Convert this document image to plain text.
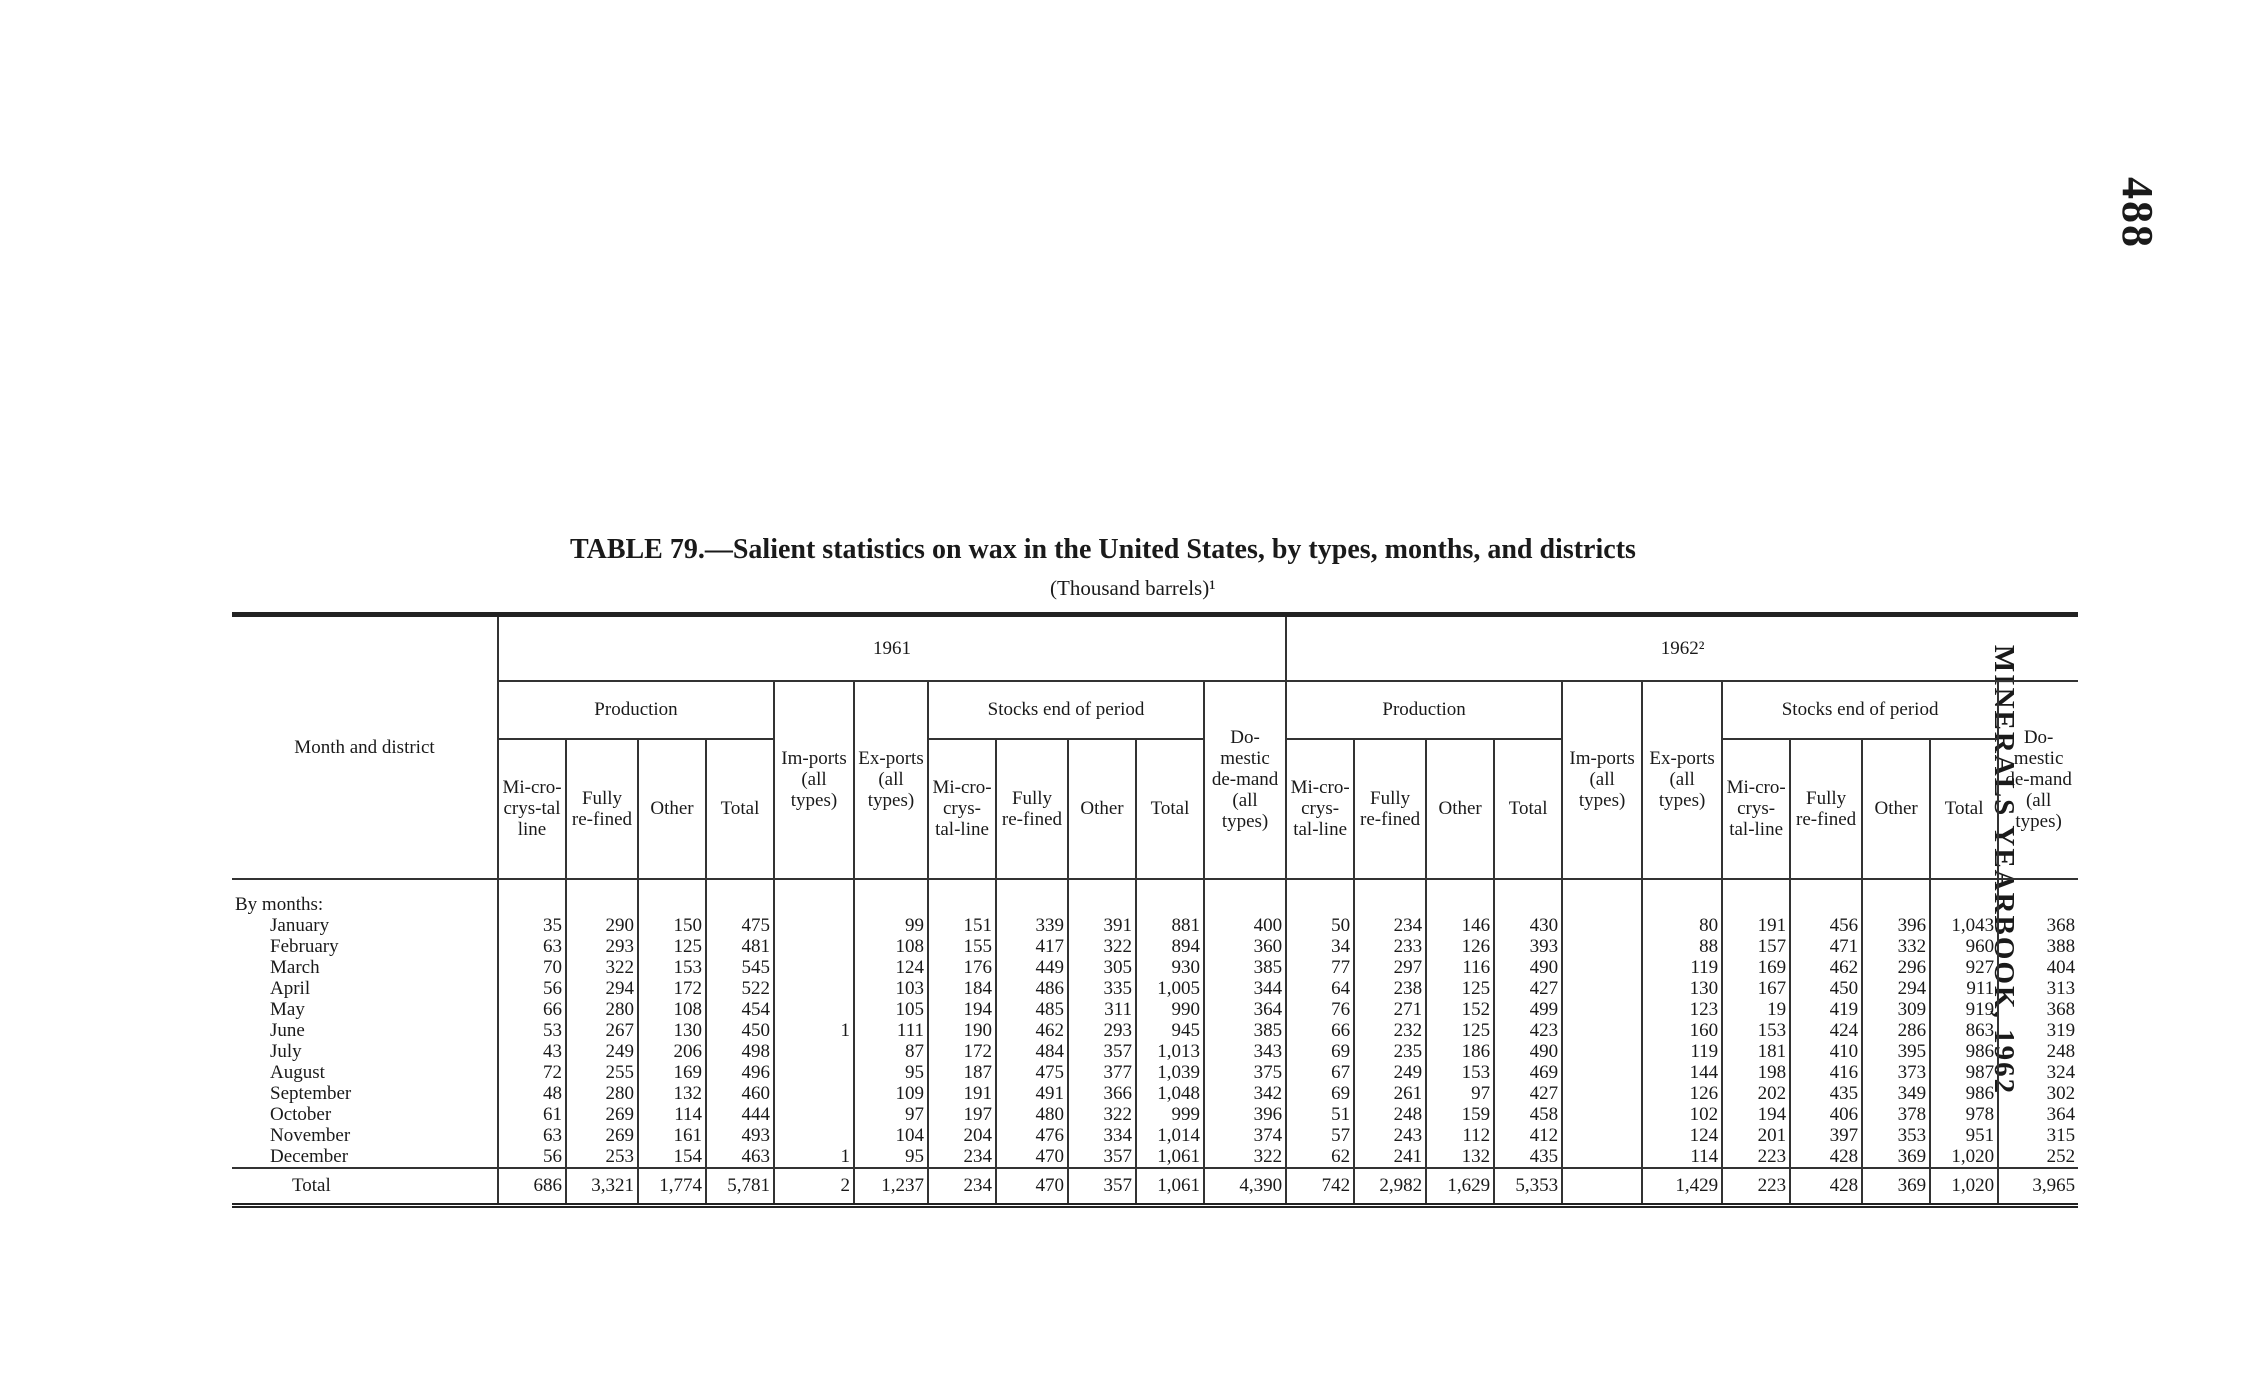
488
MINERALS YEARBOOK, 1962
TABLE 79.—Salient statistics on wax in the United States, by types, months, and districts
(Thousand barrels)¹
Month and district	1961											1962²										
	Production				Im-ports (all types)	Ex-ports (all types)	Stocks end of period				Do-mestic de-mand (all types)	Production				Im-ports (all types)	Ex-ports (all types)	Stocks end of period				Do-mestic de-mand (all types)
	Mi-cro-crys-tal line	Fully re-fined	Other	Total			Mi-cro-crys-tal-line	Fully re-fined	Other	Total		Mi-cro-crys-tal-line	Fully re-fined	Other	Total			Mi-cro-crys-tal-line	Fully re-fined	Other	Total	
By months:																						
January	35	290	150	475		99	151	339	391	881	400	50	234	146	430		80	191	456	396	1,043	368
February	63	293	125	481		108	155	417	322	894	360	34	233	126	393		88	157	471	332	960	388
March	70	322	153	545		124	176	449	305	930	385	77	297	116	490		119	169	462	296	927	404
April	56	294	172	522		103	184	486	335	1,005	344	64	238	125	427		130	167	450	294	911	313
May	66	280	108	454		105	194	485	311	990	364	76	271	152	499		123	19	419	309	919	368
June	53	267	130	450	1	111	190	462	293	945	385	66	232	125	423		160	153	424	286	863	319
July	43	249	206	498		87	172	484	357	1,013	343	69	235	186	490		119	181	410	395	986	248
August	72	255	169	496		95	187	475	377	1,039	375	67	249	153	469		144	198	416	373	987	324
September	48	280	132	460		109	191	491	366	1,048	342	69	261	97	427		126	202	435	349	986	302
October	61	269	114	444		97	197	480	322	999	396	51	248	159	458		102	194	406	378	978	364
November	63	269	161	493		104	204	476	334	1,014	374	57	243	112	412		124	201	397	353	951	315
December	56	253	154	463	1	95	234	470	357	1,061	322	62	241	132	435		114	223	428	369	1,020	252
Total	686	3,321	1,774	5,781	2	1,237	234	470	357	1,061	4,390	742	2,982	1,629	5,353		1,429	223	428	369	1,020	3,965
